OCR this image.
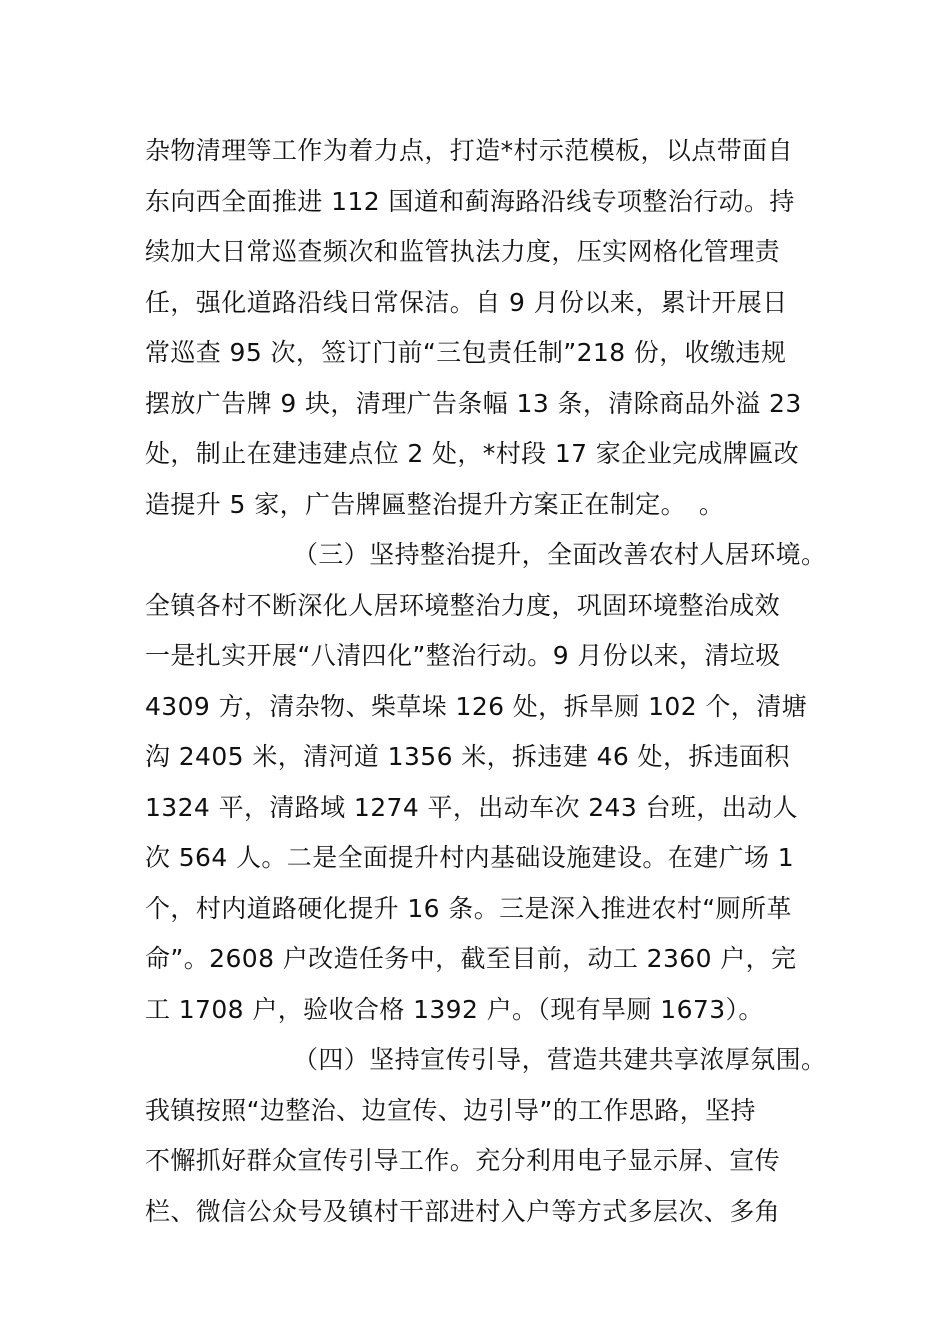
杂物清理等工作为着力点，打造*村示范模板，以点带面自
东向西全面推进 112 国道和蓟海路沿线专项整治行动。持
续加大日常巡查频次和监管执法力度，压实网格化管理责
任，强化道路沿线日常保洁。自 9 月份以来，累计开展日
常巡查 95 次，签订门前“三包责任制”218 份，收缴违规
摆放广告牌 9 块，清理广告条幅 13 条，清除商品外溢 23
处，制止在建违建点位 2 处，*村段 17 家企业完成牌匾改
造提升 5 家，广告牌匾整治提升方案正在制定。　。
（三）坚持整治提升，全面改善农村人居环境。
全镇各村不断深化人居环境整治力度，巩固环境整治成效
一是扎实开展“八清四化”整治行动。9 月份以来，清垃圾
4309 方，清杂物、柴草垛 126 处，拆旱厕 102 个，清塘
沟 2405 米，清河道 1356 米，拆违建 46 处，拆违面积
1324 平，清路域 1274 平，出动车次 243 台班，出动人
次 564 人。二是全面提升村内基础设施建设。在建广场 1
个，村内道路硬化提升 16 条。三是深入推进农村“厕所革
命”。2608 户改造任务中，截至目前，动工 2360 户，完
工 1708 户，验收合格 1392 户。（现有旱厕 1673）。
（四）坚持宣传引导，营造共建共享浓厚氛围。
我镇按照“边整治、边宣传、边引导”的工作思路，坚持
不懈抓好群众宣传引导工作。充分利用电子显示屏、宣传
栏、微信公众号及镇村干部进村入户等方式多层次、多角
